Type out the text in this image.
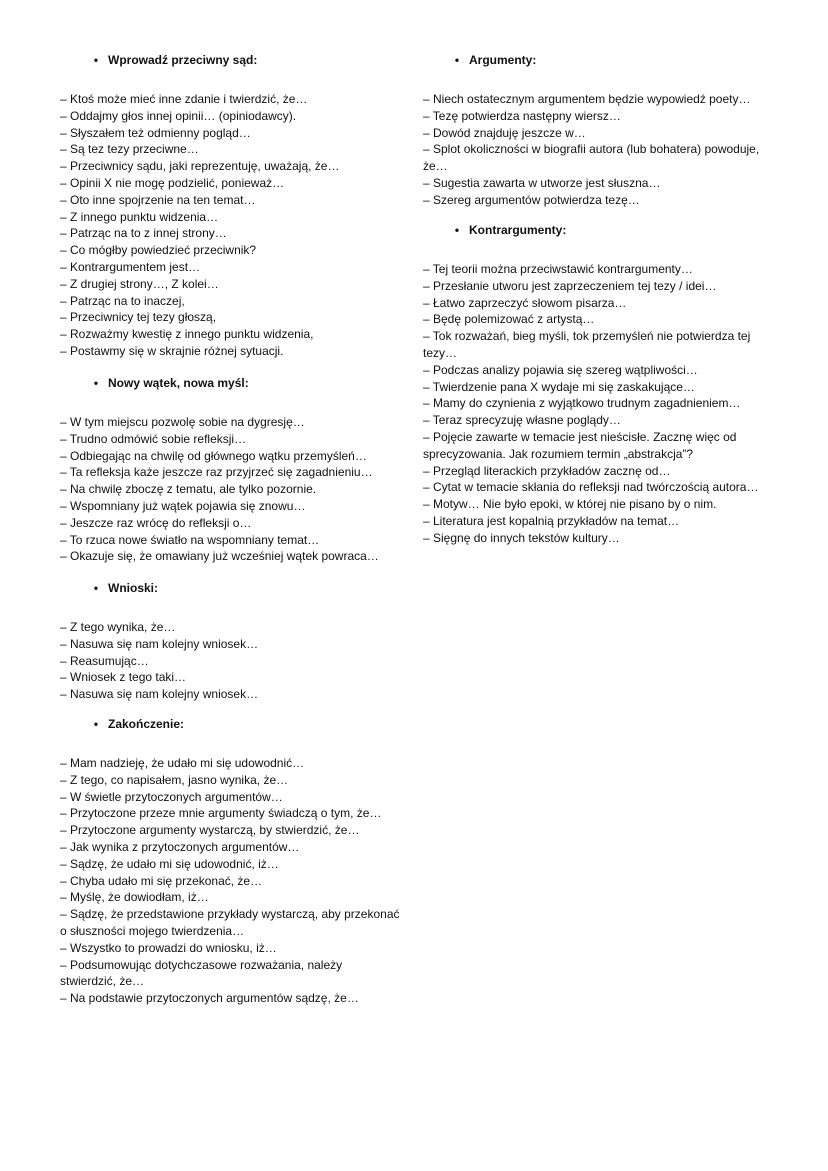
• Wprowadź przeciwny sąd:
– Ktoś może mieć inne zdanie i twierdzić, że…
– Oddajmy głos innej opinii… (opiniodawcy).
– Słyszałem też odmienny pogląd…
– Są tez tezy przeciwne…
– Przeciwnicy sądu, jaki reprezentuję, uważają, że…
– Opinii X nie mogę podzielić, ponieważ…
– Oto inne spojrzenie na ten temat…
– Z innego punktu widzenia…
– Patrząc na to z innej strony…
– Co mógłby powiedzieć przeciwnik?
– Kontrargumentem jest…
– Z drugiej strony…, Z kolei…
– Patrząc na to inaczej,
– Przeciwnicy tej tezy głoszą,
– Rozważmy kwestię z innego punktu widzenia,
– Postawmy się w skrajnie różnej sytuacji.
• Nowy wątek, nowa myśl:
– W tym miejscu pozwolę sobie na dygresję…
– Trudno odmówić sobie refleksji…
– Odbiegając na chwilę od głównego wątku przemyśleń…
– Ta refleksja każe jeszcze raz przyjrzeć się zagadnieniu…
– Na chwilę zboczę z tematu, ale tylko pozornie.
– Wspomniany już wątek pojawia się znowu…
– Jeszcze raz wrócę do refleksji o…
– To rzuca nowe światło na wspomniany temat…
– Okazuje się, że omawiany już wcześniej wątek powraca…
• Wnioski:
– Z tego wynika, że…
– Nasuwa się nam kolejny wniosek…
– Reasumując…
– Wniosek z tego taki…
– Nasuwa się nam kolejny wniosek…
• Zakończenie:
– Mam nadzieję, że udało mi się udowodnić…
– Z tego, co napisałem, jasno wynika, że…
– W świetle przytoczonych argumentów…
– Przytoczone przeze mnie argumenty świadczą o tym, że…
– Przytoczone argumenty wystarczą, by stwierdzić, że…
– Jak wynika z przytoczonych argumentów…
– Sądzę, że udało mi się udowodnić, iż…
– Chyba udało mi się przekonać, że…
– Myślę, że dowiodłam, iż…
– Sądzę, że przedstawione przykłady wystarczą, aby przekonać o słuszności mojego twierdzenia…
– Wszystko to prowadzi do wniosku, iż…
– Podsumowując dotychczasowe rozważania, należy stwierdzić, że…
– Na podstawie przytoczonych argumentów sądzę, że…
• Argumenty:
– Niech ostatecznym argumentem będzie wypowiedź poety…
– Tezę potwierdza następny wiersz…
– Dowód znajduję jeszcze w…
– Splot okoliczności w biografii autora (lub bohatera) powoduje, że…
– Sugestia zawarta w utworze jest słuszna…
– Szereg argumentów potwierdza tezę…
• Kontrargumenty:
– Tej teorii można przeciwstawić kontrargumenty…
– Przesłanie utworu jest zaprzeczeniem tej tezy / idei…
– Łatwo zaprzeczyć słowom pisarza…
– Będę polemizować z artystą…
– Tok rozważań, bieg myśli, tok przemyśleń nie potwierdza tej tezy…
– Podczas analizy pojawia się szereg wątpliwości…
– Twierdzenie pana X wydaje mi się zaskakujące…
– Mamy do czynienia z wyjątkowo trudnym zagadnieniem…
– Teraz sprecyzuję własne poglądy…
– Pojęcie zawarte w temacie jest nieścisłe. Zacznę więc od sprecyzowania. Jak rozumiem termin „abstrakcja”?
– Przegląd literackich przykładów zacznę od…
– Cytat w temacie skłania do refleksji nad twórczością autora…
– Motyw… Nie było epoki, w której nie pisano by o nim.
– Literatura jest kopalnią przykładów na temat…
– Sięgnę do innych tekstów kultury…
